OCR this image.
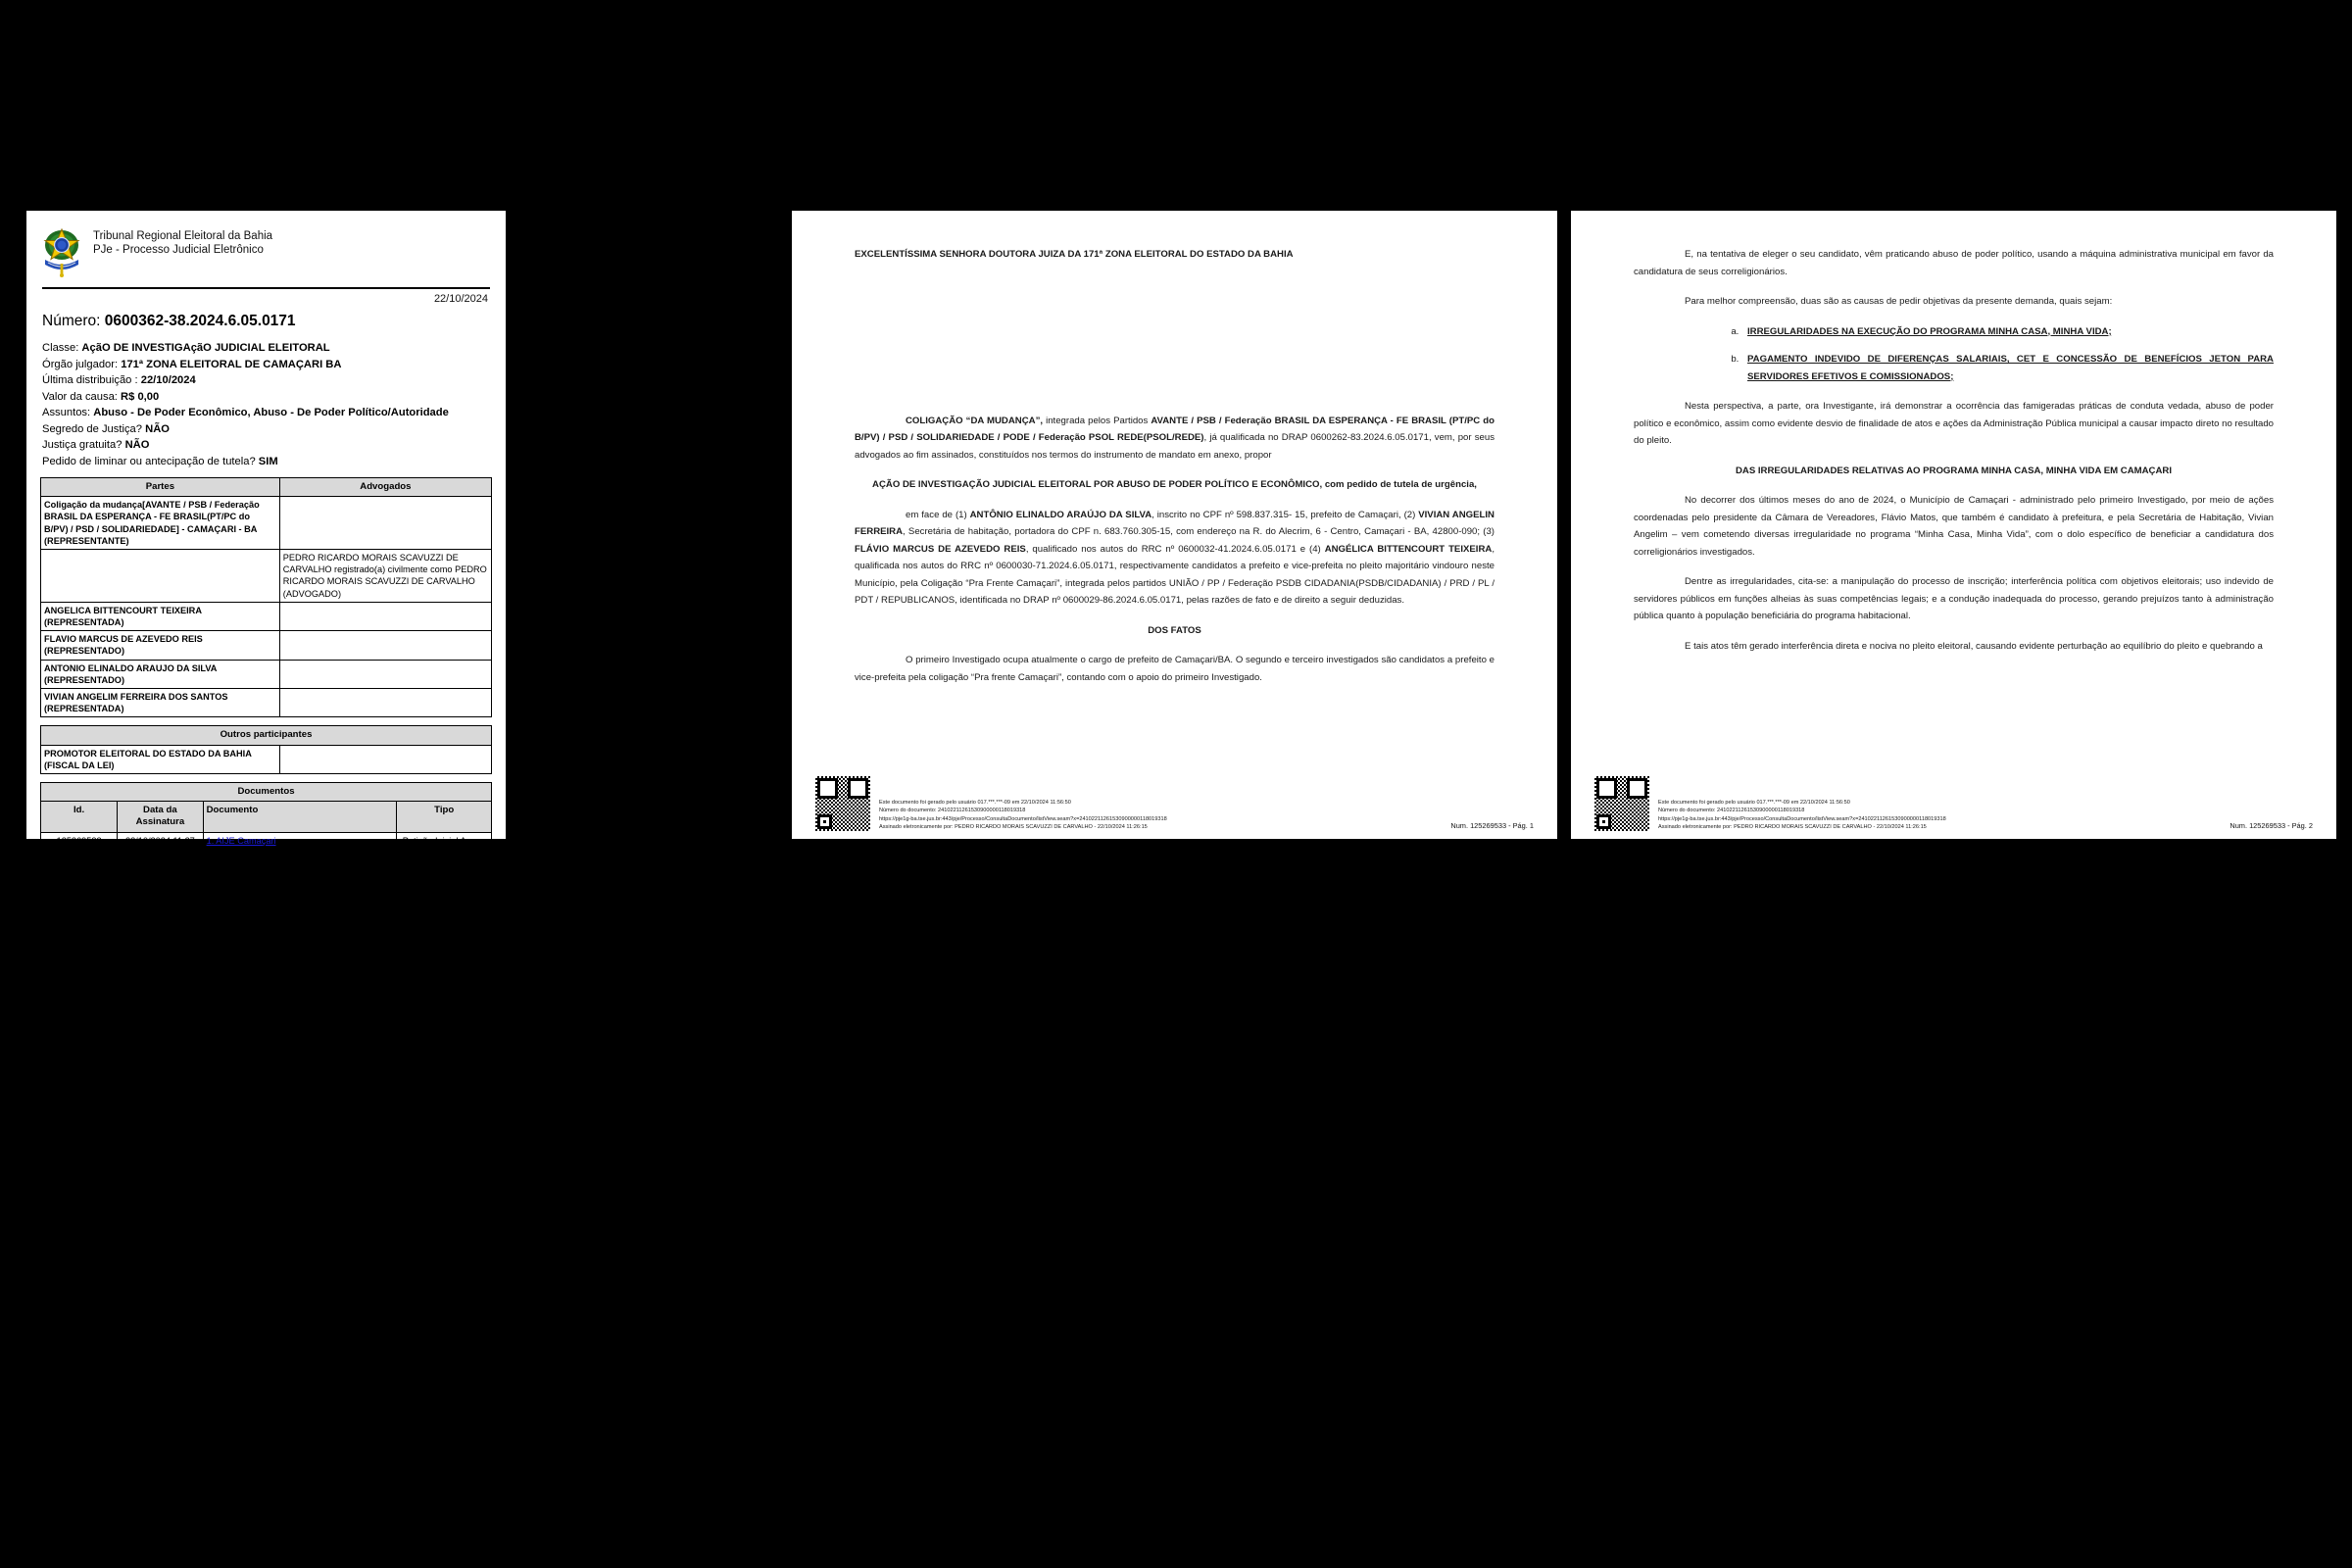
Tribunal Regional Eleitoral da Bahia
PJe - Processo Judicial Eletrônico
22/10/2024
Número: 0600362-38.2024.6.05.0171
Classe: AçãO DE INVESTIGAçãO JUDICIAL ELEITORAL
Órgão julgador: 171ª ZONA ELEITORAL DE CAMAÇARI BA
Última distribuição : 22/10/2024
Valor da causa: R$ 0,00
Assuntos: Abuso - De Poder Econômico, Abuso - De Poder Político/Autoridade
Segredo de Justiça? NÃO
Justiça gratuita? NÃO
Pedido de liminar ou antecipação de tutela? SIM
Partes	Advogados
Coligação da mudança[AVANTE / PSB / Federação BRASIL DA ESPERANÇA - FE BRASIL(PT/PC do B/PV) / PSD / SOLIDARIEDADE] - CAMAÇARI - BA (REPRESENTANTE)	
	PEDRO RICARDO MORAIS SCAVUZZI DE CARVALHO registrado(a) civilmente como PEDRO RICARDO MORAIS SCAVUZZI DE CARVALHO (ADVOGADO)
ANGELICA BITTENCOURT TEIXEIRA (REPRESENTADA)	
FLAVIO MARCUS DE AZEVEDO REIS (REPRESENTADO)	
ANTONIO ELINALDO ARAUJO DA SILVA (REPRESENTADO)	
VIVIAN ANGELIM FERREIRA DOS SANTOS (REPRESENTADA)	
Outros participantes
PROMOTOR ELEITORAL DO ESTADO DA BAHIA (FISCAL DA LEI)	
Documentos			
Id.	Data da Assinatura	Documento	Tipo
125269533	22/10/2024 11:27	1. AIJE Camaçari	Petição Inicial Anexa

EXCELENTÍSSIMA SENHORA DOUTORA JUIZA DA 171ª ZONA ELEITORAL DO ESTADO DA BAHIA

COLIGAÇÃO “DA MUDANÇA”, integrada pelos Partidos AVANTE / PSB / Federação BRASIL DA ESPERANÇA - FE BRASIL (PT/PC do B/PV) / PSD / SOLIDARIEDADE / PODE / Federação PSOL REDE(PSOL/REDE), já qualificada no DRAP 0600262-83.2024.6.05.0171, vem, por seus advogados ao fim assinados, constituídos nos termos do instrumento de mandato em anexo, propor

AÇÃO DE INVESTIGAÇÃO JUDICIAL ELEITORAL POR ABUSO DE PODER POLÍTICO E ECONÔMICO, com pedido de tutela de urgência,

em face de (1) ANTÔNIO ELINALDO ARAÚJO DA SILVA, inscrito no CPF nº 598.837.315- 15, prefeito de Camaçari, (2) VIVIAN ANGELIN FERREIRA, Secretária de habitação, portadora do CPF n. 683.760.305-15, com endereço na R. do Alecrim, 6 - Centro, Camaçari - BA, 42800-090; (3) FLÁVIO MARCUS DE AZEVEDO REIS, qualificado nos autos do RRC nº 0600032-41.2024.6.05.0171 e (4) ANGÉLICA BITTENCOURT TEIXEIRA, qualificada nos autos do RRC nº 0600030-71.2024.6.05.0171, respectivamente candidatos a prefeito e vice-prefeita no pleito majoritário vindouro neste Município, pela Coligação “Pra Frente Camaçari”, integrada pelos partidos UNIÃO / PP / Federação PSDB CIDADANIA(PSDB/CIDADANIA) / PRD / PL / PDT / REPUBLICANOS, identificada no DRAP nº 0600029-86.2024.6.05.0171, pelas razões de fato e de direito a seguir deduzidas.

DOS FATOS

O primeiro Investigado ocupa atualmente o cargo de prefeito de Camaçari/BA. O segundo e terceiro investigados são candidatos a prefeito e vice-prefeita pela coligação “Pra frente Camaçari”, contando com o apoio do primeiro Investigado.

Este documento foi gerado pelo usuário 017.***.***-09 em 22/10/2024 11:56:50
Número do documento: 24102211261530900000118019318
https://pje1g-ba.tse.jus.br:443/pje/Processo/ConsultaDocumento/listView.seam?x=24102211261530900000118019318
Assinado eletronicamente por: PEDRO RICARDO MORAIS SCAVUZZI DE CARVALHO - 22/10/2024 11:26:15	Num. 125269533 - Pág. 1

E, na tentativa de eleger o seu candidato, vêm praticando abuso de poder político, usando a máquina administrativa municipal em favor da candidatura de seus correligionários.

Para melhor compreensão, duas são as causas de pedir objetivas da presente demanda, quais sejam:

a. IRREGULARIDADES NA EXECUÇÃO DO PROGRAMA MINHA CASA, MINHA VIDA;
b. PAGAMENTO INDEVIDO DE DIFERENÇAS SALARIAIS, CET E CONCESSÃO DE BENEFÍCIOS JETON PARA SERVIDORES EFETIVOS E COMISSIONADOS;

Nesta perspectiva, a parte, ora Investigante, irá demonstrar a ocorrência das famigeradas práticas de conduta vedada, abuso de poder político e econômico, assim como evidente desvio de finalidade de atos e ações da Administração Pública municipal a causar impacto direto no resultado do pleito.

DAS IRREGULARIDADES RELATIVAS AO PROGRAMA MINHA CASA, MINHA VIDA EM CAMAÇARI

No decorrer dos últimos meses do ano de 2024, o Município de Camaçari - administrado pelo primeiro Investigado, por meio de ações coordenadas pelo presidente da Câmara de Vereadores, Flávio Matos, que também é candidato à prefeitura, e pela Secretária de Habitação, Vivian Angelim – vem cometendo diversas irregularidade no programa “Minha Casa, Minha Vida”, com o dolo específico de beneficiar a candidatura dos correligionários investigados.

Dentre as irregularidades, cita-se: a manipulação do processo de inscrição; interferência política com objetivos eleitorais; uso indevido de servidores públicos em funções alheias às suas competências legais; e a condução inadequada do processo, gerando prejuízos tanto à administração pública quanto à população beneficiária do programa habitacional.

E tais atos têm gerado interferência direta e nociva no pleito eleitoral, causando evidente perturbação ao equilíbrio do pleito e quebrando a

Este documento foi gerado pelo usuário 017.***.***-09 em 22/10/2024 11:56:50
Número do documento: 24102211261530900000118019318
https://pje1g-ba.tse.jus.br:443/pje/Processo/ConsultaDocumento/listView.seam?x=24102211261530900000118019318
Assinado eletronicamente por: PEDRO RICARDO MORAIS SCAVUZZI DE CARVALHO - 22/10/2024 11:26:15	Num. 125269533 - Pág. 2
